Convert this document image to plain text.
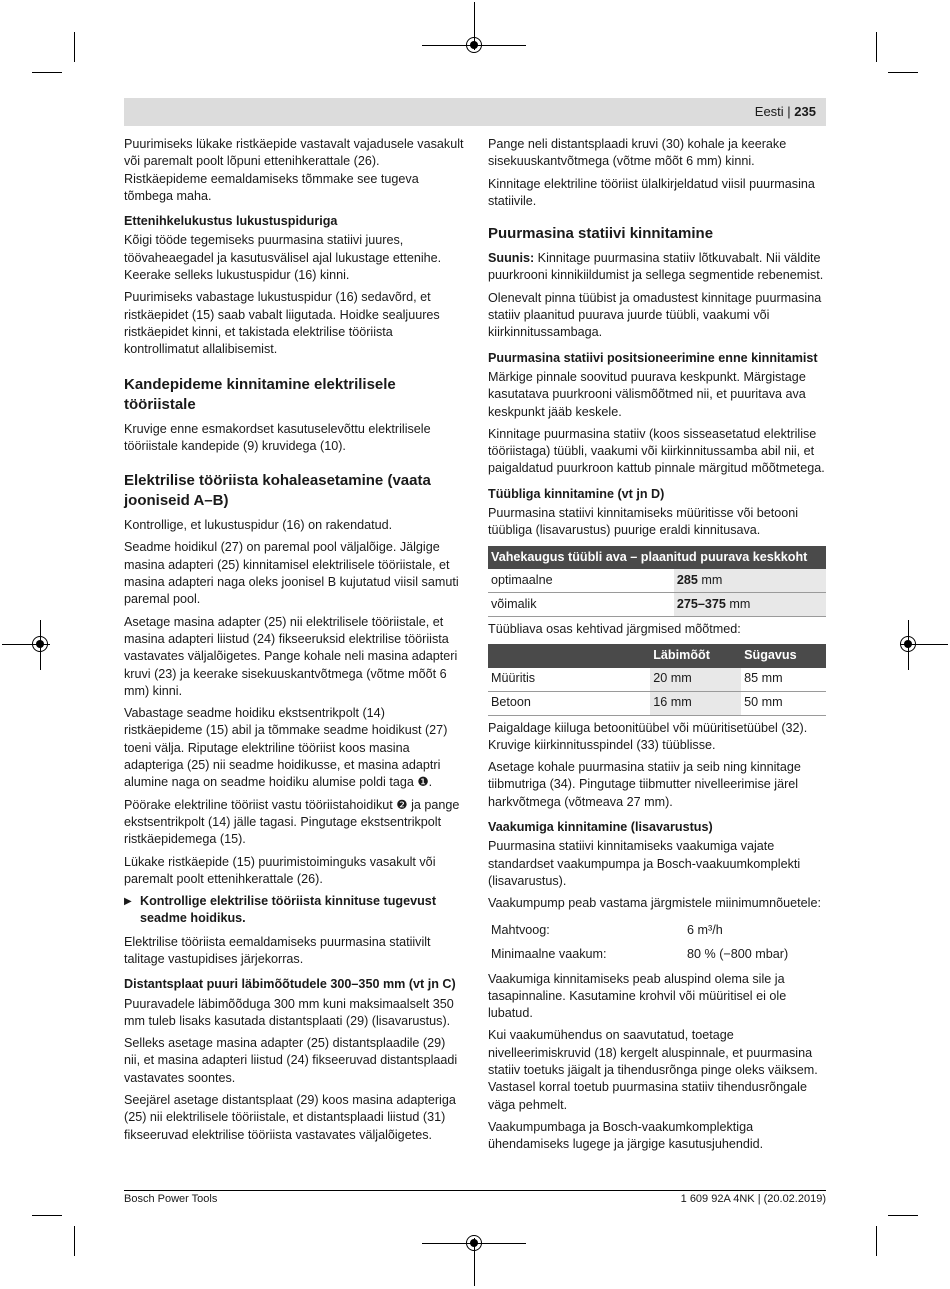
Eesti | 235

Puurimiseks lükake ristkäepide vastavalt vajadusele vasakult või paremalt poolt lõpuni ettenihkerattale (26). Ristkäepideme eemaldamiseks tõmmake see tugeva tõmbega maha.

Ettenihkelukustus lukustuspiduriga

Kõigi tööde tegemiseks puurmasina statiivi juures, töövaheaegadel ja kasutusvälisel ajal lukustage ettenihe. Keerake selleks lukustuspidur (16) kinni.

Puurimiseks vabastage lukustuspidur (16) sedavõrd, et ristkäepidet (15) saab vabalt liigutada. Hoidke sealjuures ristkäepidet kinni, et takistada elektrilise tööriista kontrollimatut allalibisemist.

Kandepideme kinnitamine elektrilisele tööriistale

Kruvige enne esmakordset kasutuselevõttu elektrilisele tööriistale kandepide (9) kruvidega (10).

Elektrilise tööriista kohaleasetamine (vaata jooniseid A–B)

Kontrollige, et lukustuspidur (16) on rakendatud.

Seadme hoidikul (27) on paremal pool väljalõige. Jälgige masina adapteri (25) kinnitamisel elektrilisele tööriistale, et masina adapteri naga oleks joonisel B kujutatud viisil samuti paremal pool.

Asetage masina adapter (25) nii elektrilisele tööriistale, et masina adapteri liistud (24) fikseeruksid elektrilise tööriista vastavates väljalõigetes. Pange kohale neli masina adapteri kruvi (23) ja keerake sisekuuskantvõtmega (võtme mõõt 6 mm) kinni.

Vabastage seadme hoidiku ekstsentrikpolt (14) ristkäepideme (15) abil ja tõmmake seadme hoidikust (27) toeni välja. Riputage elektriline tööriist koos masina adapteriga (25) nii seadme hoidikusse, et masina adaptri alumine naga on seadme hoidiku alumise poldi taga ❶.

Pöörake elektriline tööriist vastu tööriistahoidikut ❷ ja pange ekstsentrikpolt (14) jälle tagasi. Pingutage ekstsentrikpolt ristkäepidemega (15).

Lükake ristkäepide (15) puurimistoiminguks vasakult või paremalt poolt ettenihkerattale (26).

▶ Kontrollige elektrilise tööriista kinnituse tugevust seadme hoidikus.

Elektrilise tööriista eemaldamiseks puurmasina statiivilt talitage vastupidises järjekorras.

Distantsplaat puuri läbimõõtudele 300–350 mm (vt jn C)

Puuravadele läbimõõduga 300 mm kuni maksimaalselt 350 mm tuleb lisaks kasutada distantsplaati (29) (lisavarustus).

Selleks asetage masina adapter (25) distantsplaadile (29) nii, et masina adapteri liistud (24) fikseeruvad distantsplaadi vastavates soontes.

Seejärel asetage distantsplaat (29) koos masina adapteriga (25) nii elektrilisele tööriistale, et distantsplaadi liistud (31) fikseeruvad elektrilise tööriista vastavates väljalõigetes.

Pange neli distantsplaadi kruvi (30) kohale ja keerake sisekuuskantvõtmega (võtme mõõt 6 mm) kinni.

Kinnitage elektriline tööriist ülalkirjeldatud viisil puurmasina statiivile.

Puurmasina statiivi kinnitamine

Suunis: Kinnitage puurmasina statiiv lõtkuvabalt. Nii väldite puurkrooni kinnikiildumist ja sellega segmentide rebenemist.

Olenevalt pinna tüübist ja omadustest kinnitage puurmasina statiiv plaanitud puurava juurde tüübli, vaakumi või kiirkinnitussambaga.

Puurmasina statiivi positsioneerimine enne kinnitamist

Märkige pinnale soovitud puurava keskpunkt. Märgistage kasutatava puurkrooni välismõõtmed nii, et puuritava ava keskpunkt jääb keskele.

Kinnitage puurmasina statiiv (koos sisseasetatud elektrilise tööriistaga) tüübli, vaakumi või kiirkinnitussamba abil nii, et paigaldatud puurkroon kattub pinnale märgitud mõõtmetega.

Tüübliga kinnitamine (vt jn D)

Puurmasina statiivi kinnitamiseks müüritisse või betooni tüübliga (lisavarustus) puurige eraldi kinnitusava.

Vahekaugus tüübli ava – plaanitud puurava keskkoht	
optimaalne	285 mm
võimalik	275–375 mm

Tüübliava osas kehtivad järgmised mõõtmed:

	Läbimõõt	Sügavus
Müüritis	20 mm	85 mm
Betoon	16 mm	50 mm

Paigaldage kiiluga betoonitüübel või müüritisetüübel (32). Kruvige kiirkinnitusspindel (33) tüüblisse.

Asetage kohale puurmasina statiiv ja seib ning kinnitage tiibmutriga (34). Pingutage tiibmutter nivelleerimise järel harkvõtmega (võtmeava 27 mm).

Vaakumiga kinnitamine (lisavarustus)

Puurmasina statiivi kinnitamiseks vaakumiga vajate standardset vaakumpumpa ja Bosch-vaakuumkomplekti (lisavarustus).

Vaakumpump peab vastama järgmistele miinimumnõuetele:

Mahtvoog:	6 m³/h
Minimaalne vaakum:	80 % (−800 mbar)

Vaakumiga kinnitamiseks peab aluspind olema sile ja tasapinnaline. Kasutamine krohvil või müüritisel ei ole lubatud.

Kui vaakumühendus on saavutatud, toetage nivelleerimiskruvid (18) kergelt aluspinnale, et puurmasina statiiv toetuks jäigalt ja tihendusrõnga pinge oleks väiksem. Vastasel korral toetub puurmasina statiiv tihendusrõngale väga pehmelt.

Vaakumpumbaga ja Bosch-vaakumkomplektiga ühendamiseks lugege ja järgige kasutusjuhendid.

Bosch Power Tools	1 609 92A 4NK | (20.02.2019)
